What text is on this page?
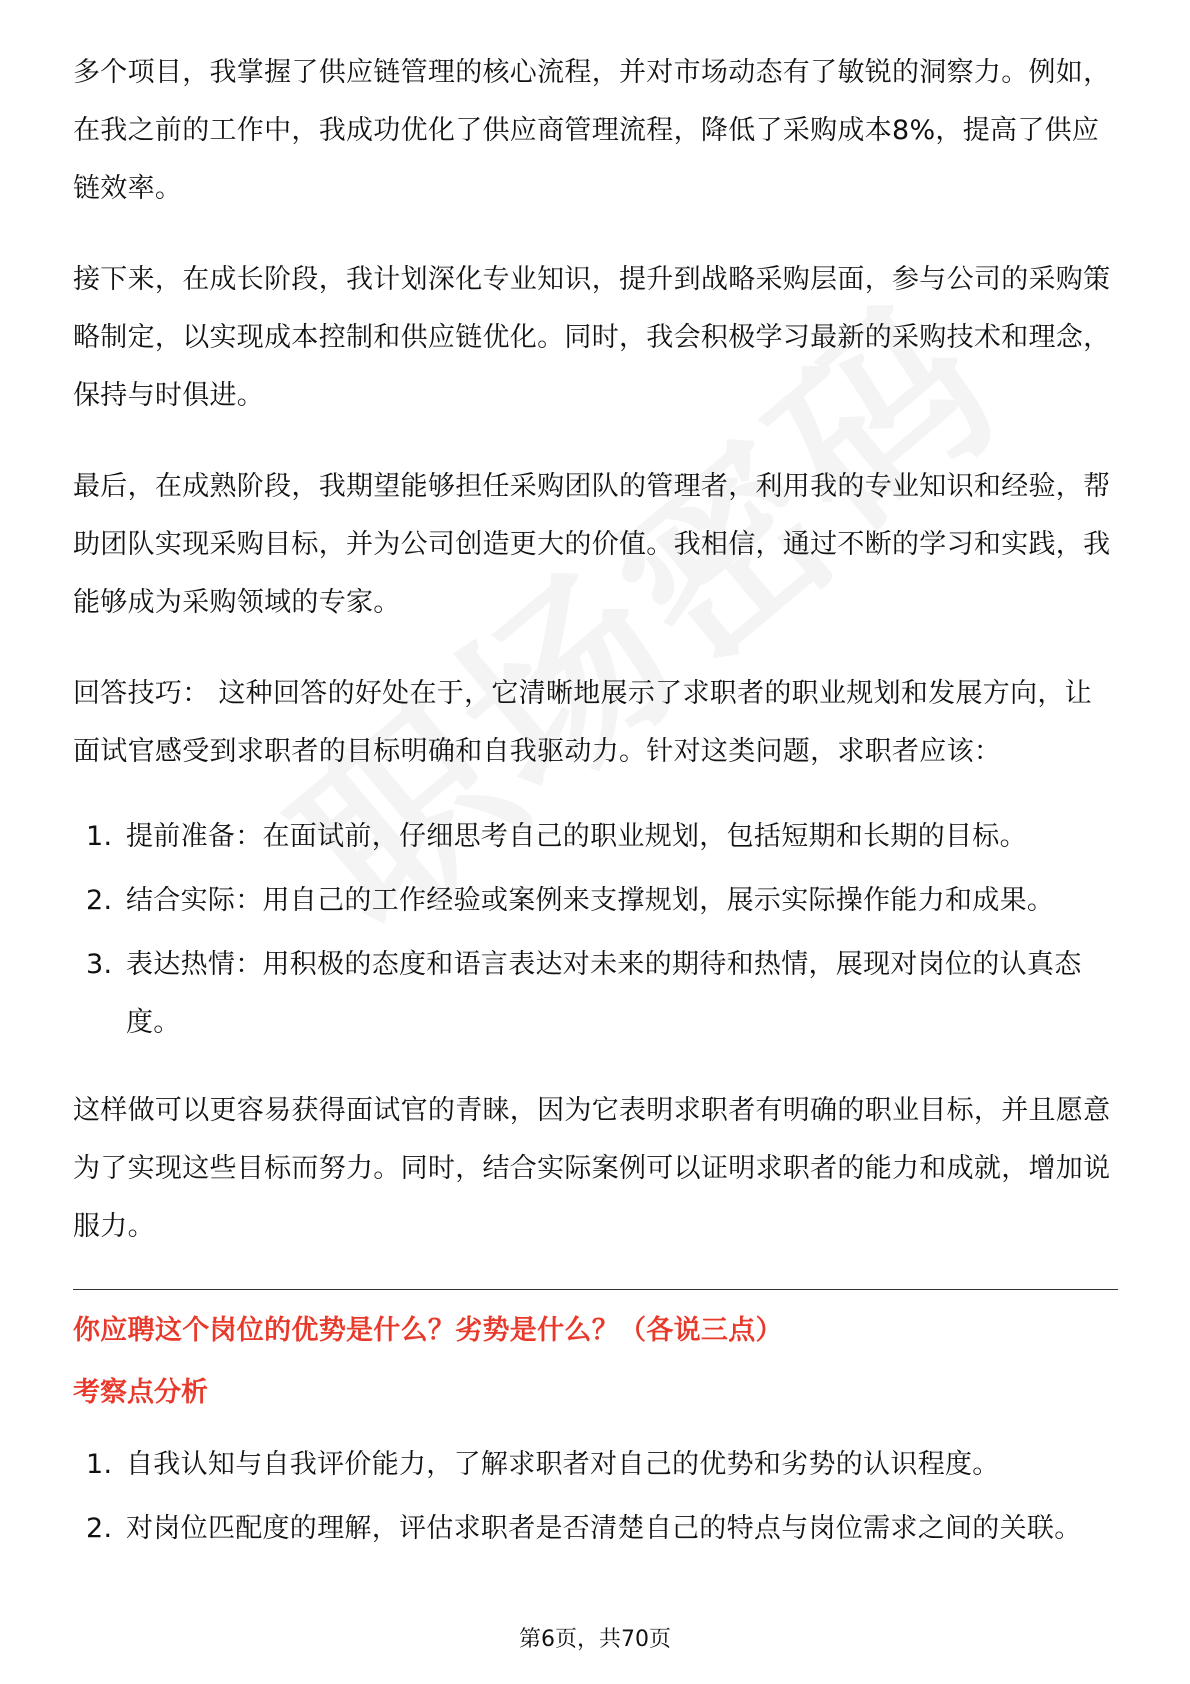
多个项目，我掌握了供应链管理的核心流程，并对市场动态有了敏锐的洞察力。例如，在我之前的工作中，我成功优化了供应商管理流程，降低了采购成本8%，提高了供应链效率。

接下来，在成长阶段，我计划深化专业知识，提升到战略采购层面，参与公司的采购策略制定，以实现成本控制和供应链优化。同时，我会积极学习最新的采购技术和理念，保持与时俱进。

最后，在成熟阶段，我期望能够担任采购团队的管理者，利用我的专业知识和经验，帮助团队实现采购目标，并为公司创造更大的价值。我相信，通过不断的学习和实践，我能够成为采购领域的专家。

回答技巧： 这种回答的好处在于，它清晰地展示了求职者的职业规划和发展方向，让面试官感受到求职者的目标明确和自我驱动力。针对这类问题，求职者应该：

1. 提前准备：在面试前，仔细思考自己的职业规划，包括短期和长期的目标。
2. 结合实际：用自己的工作经验或案例来支撑规划，展示实际操作能力和成果。
3. 表达热情：用积极的态度和语言表达对未来的期待和热情，展现对岗位的认真态度。

这样做可以更容易获得面试官的青睐，因为它表明求职者有明确的职业目标，并且愿意为了实现这些目标而努力。同时，结合实际案例可以证明求职者的能力和成就，增加说服力。

你应聘这个岗位的优势是什么？劣势是什么？（各说三点）
考察点分析
1. 自我认知与自我评价能力，了解求职者对自己的优势和劣势的认识程度。
2. 对岗位匹配度的理解，评估求职者是否清楚自己的特点与岗位需求之间的关联。
第6页，共70页
